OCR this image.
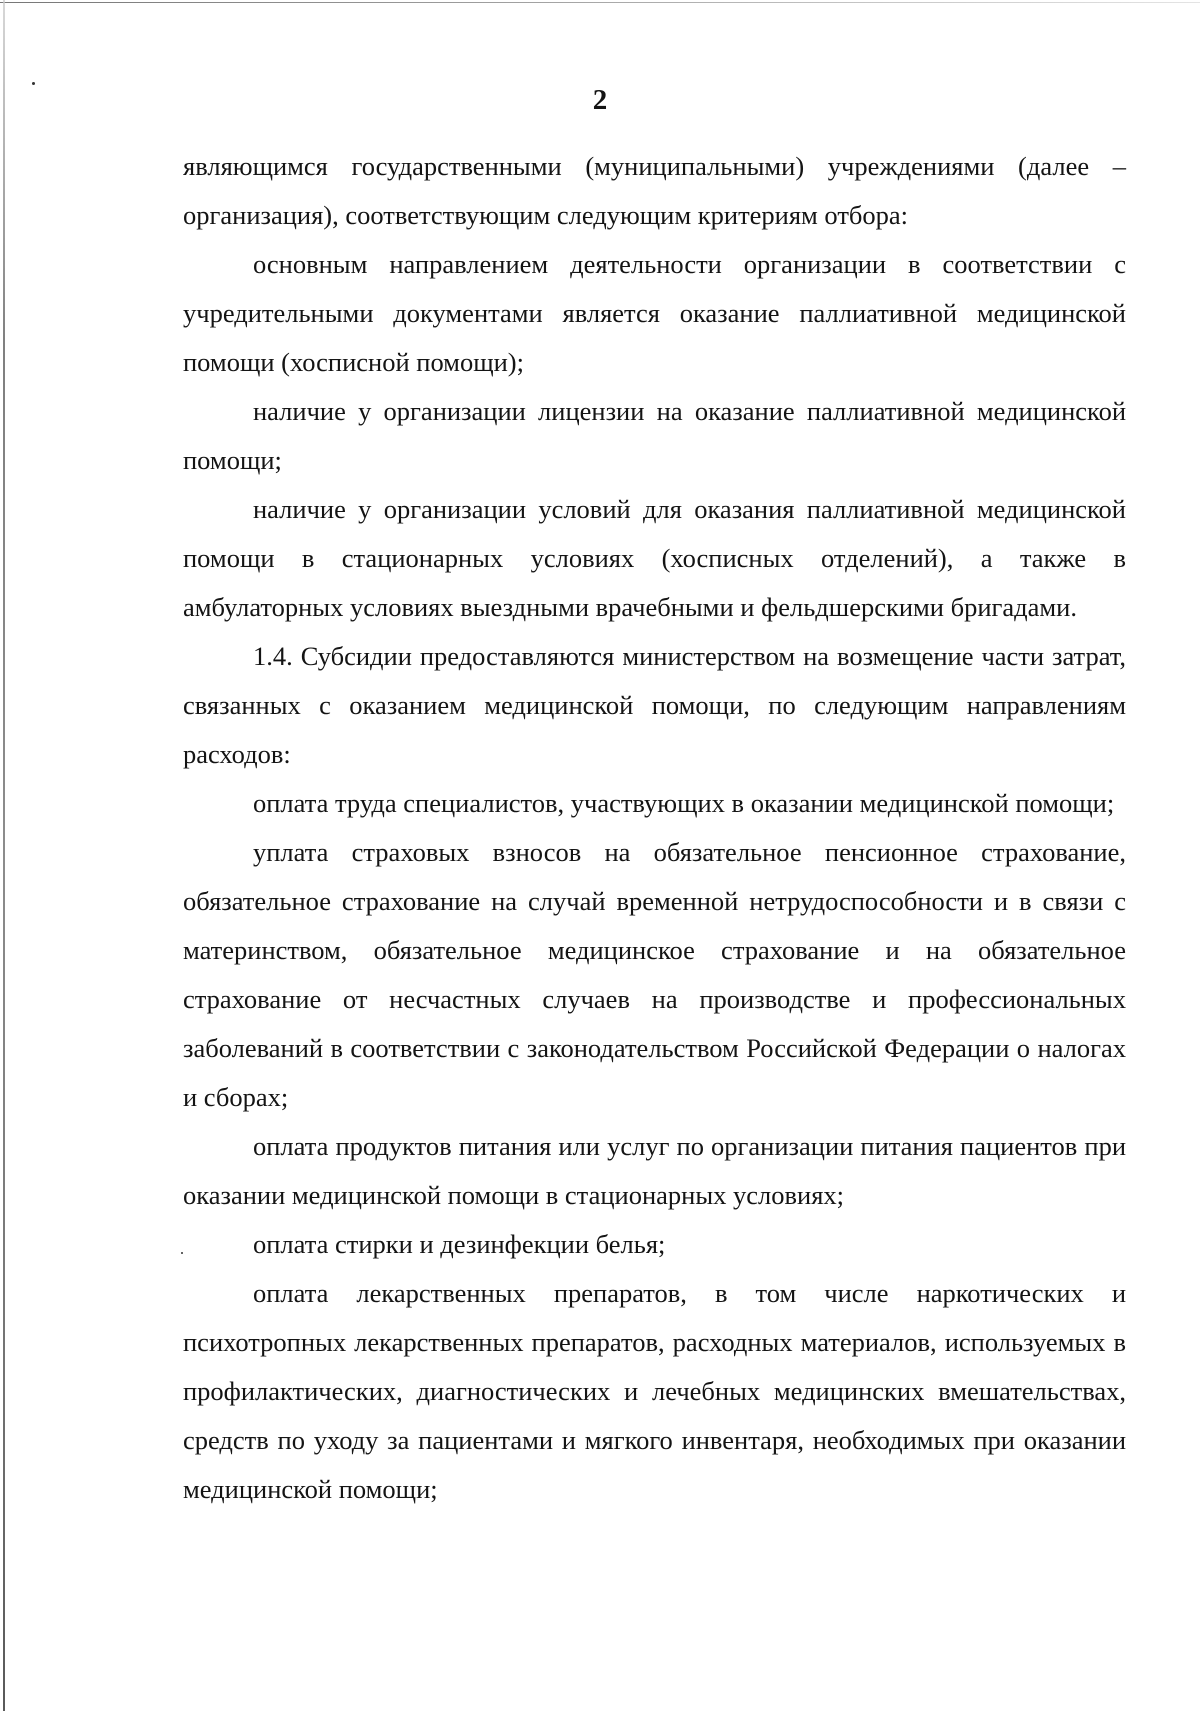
2

являющимся государственными (муниципальными) учреждениями (далее – организация), соответствующим следующим критериям отбора:

основным направлением деятельности организации в соответствии с учредительными документами является оказание паллиативной медицинской помощи (хосписной помощи);

наличие у организации лицензии на оказание паллиативной медицинской помощи;

наличие у организации условий для оказания паллиативной медицинской помощи в стационарных условиях (хосписных отделений), а также в амбулаторных условиях выездными врачебными и фельдшерскими бригадами.

1.4. Субсидии предоставляются министерством на возмещение части затрат, связанных с оказанием медицинской помощи, по следующим направлениям расходов:

оплата труда специалистов, участвующих в оказании медицинской помощи;

уплата страховых взносов на обязательное пенсионное страхование, обязательное страхование на случай временной нетрудоспособности и в связи с материнством, обязательное медицинское страхование и на обязательное страхование от несчастных случаев на производстве и профессиональных заболеваний в соответствии с законодательством Российской Федерации о налогах и сборах;

оплата продуктов питания или услуг по организации питания пациентов при оказании медицинской помощи в стационарных условиях;

оплата стирки и дезинфекции белья;

оплата лекарственных препаратов, в том числе наркотических и психотропных лекарственных препаратов, расходных материалов, используемых в профилактических, диагностических и лечебных медицинских вмешательствах, средств по уходу за пациентами и мягкого инвентаря, необходимых при оказании медицинской помощи;
